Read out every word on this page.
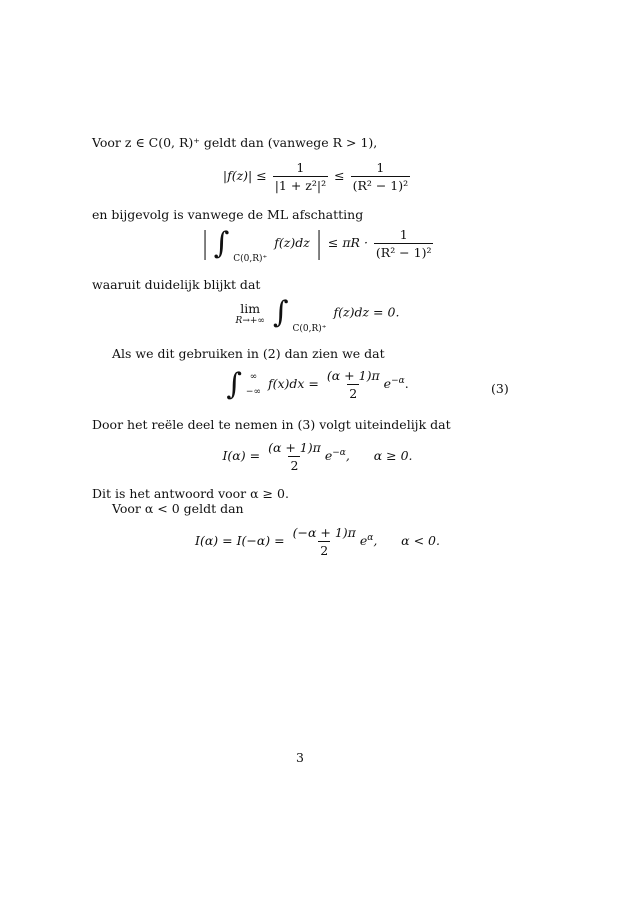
Voor z ∈ C(0, R)⁺ geldt dan (vanwege R > 1),
$|f(z)| \le \frac{1}{\text{|1 + z²|²}} \le \frac{1}{\text{(R² − 1)²}}$
en bijgevolg is vanwege de ML afschatting
| ∫ C(0,R)⁺ f(z)dz | ≤ $\pi R \cdot \frac{1}{\text{(R² − 1)²}}$
waaruit duidelijk blijkt dat
lim
R→+∞ ∫ C(0,R)⁺ f(z)dz = 0.
Als we dit gebruiken in (2) dan zien we dat
∫ ∞
−∞
$f(x)dx = \frac{(\alpha + 1)\pi}{2} e^{-\alpha}$.	(3)
Door het reële deel te nemen in (3) volgt uiteindelijk dat
$I(\alpha) = \frac{(\alpha + 1)\pi}{2} e^{-\alpha}$,      α ≥ 0.
Dit is het antwoord voor α ≥ 0.
Voor α < 0 geldt dan
$I(\alpha) = I(-\alpha) = \frac{(-\alpha + 1)\pi}{2} e^\alpha$,      α < 0.
3
